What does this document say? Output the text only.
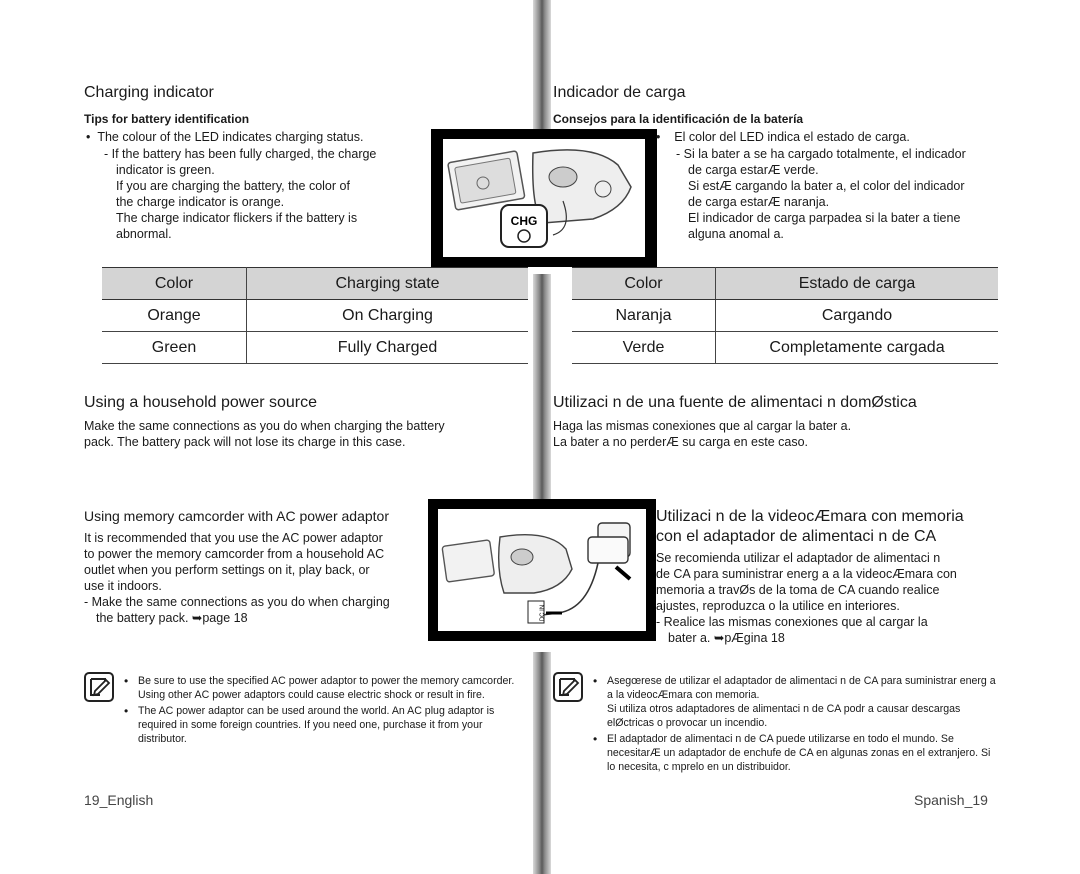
Charging indicator
Tips for battery identification
•  The colour of the LED indicates charging status.
- If the battery has been fully charged, the charge
indicator is green.
If you are charging the battery, the color of
the charge indicator is orange.
The charge indicator flickers if the battery is
abnormal.
Color	Charging state
Orange	On Charging
Green	Fully Charged
Using a household power source
Make the same connections as you do when charging the battery
pack. The battery pack will not lose its charge in this case.
Using memory camcorder with AC power adaptor
It is recommended that you use the AC power adaptor
to power the memory camcorder from a household AC
outlet when you perform settings on it, play back, or
use it indoors.
- Make the same connections as you do when charging
the battery pack. ➥page 18
• Be sure to use the specified AC power adaptor to power the memory camcorder. Using other AC power adaptors could cause electric shock or result in fire.
• The AC power adaptor can be used around the world. An AC plug adaptor is required in some foreign countries. If you need one, purchase it from your distributor.
19_English
CHG
DC IN
Indicador de carga
Consejos para la identificación de la batería
•    El color del LED indica el estado de carga.
- Si la bater a se ha cargado totalmente, el indicador
de carga estarÆ verde.
Si estÆ cargando la bater a, el color del indicador
de carga estarÆ naranja.
El indicador de carga parpadea si la bater a tiene
alguna anomal a.
Color	Estado de carga
Naranja	Cargando
Verde	Completamente cargada
Utilizaci n de una fuente de alimentaci n domØstica
Haga las mismas conexiones que al cargar la bater a.
La bater a no perderÆ su carga en este caso.
Utilizaci n de la videocÆmara con memoria
con el adaptador de alimentaci n de CA
Se recomienda utilizar el adaptador de alimentaci n
de CA para suministrar energ a a la videocÆmara con
memoria a travØs de la toma de CA cuando realice
ajustes, reproduzca o la utilice en interiores.
- Realice las mismas conexiones que al cargar la
bater a. ➥pÆgina 18
• Asegœrese de utilizar el adaptador de alimentaci n de CA para suministrar energ a a la videocÆmara con memoria.
Si utiliza otros adaptadores de alimentaci n de CA podr a causar descargas elØctricas o provocar un incendio.
• El adaptador de alimentaci n de CA puede utilizarse en todo el mundo. Se necesitarÆ un adaptador de enchufe de CA en algunas zonas en el extranjero. Si lo necesita, c mprelo en un distribuidor.
Spanish_19
